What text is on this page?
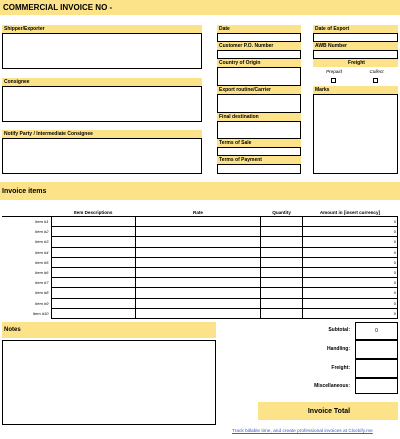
COMMERCIAL INVOICE NO -
Shipper/Exporter
Consignee
Notify Party / Intermediate Consignee
Date
Customer P.O. Number
Country of Origin
Export routine/Carrier
Final destination
Terms of Sale
Terms of Payment
Date of Export
AWB Number
Freight
Prepaid	Collect
Marks
Invoice items
	Item Descriptions	Rate	Quantity	Amount in [insert currency]
Item #1				0
Item #2				0
Item #3				0
Item #4				0
Item #5				0
Item #6				0
Item #7				0
Item #8				0
Item #9				0
Item #10				0
Notes	Subtotal:	0
Handling:
Freight:
Miscellaneous:
Invoice Total
Track billable time, and create professional invoices at Clockify.me
